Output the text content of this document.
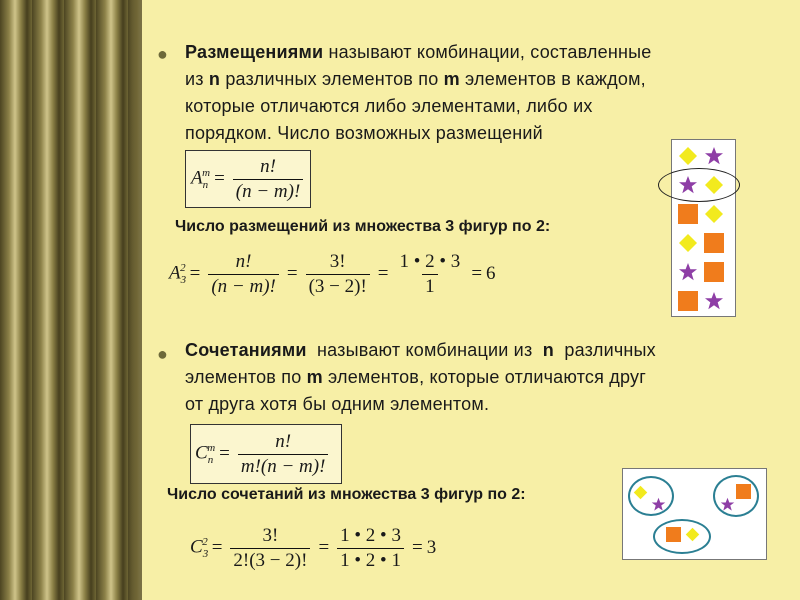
● Размещениями называют комбинации, составленные
из n различных элементов по m элементов в каждом,
которые отличаются либо элементами, либо их
порядком. Число возможных размещений
$A_n^m = \frac{n!}{(n - m)!}$
Число размещений из множества 3 фигур по 2:
$A_3^2 = \frac{n!}{(n - m)!} = \frac{3!}{(3 - 2)!} = \frac{1 • 2 • 3}{1} = 6$
● Сочетаниями  называют комбинации из  n  различных
элементов по m элементов, которые отличаются друг
от друга хотя бы одним элементом.
$C_n^m = \frac{n!}{m!(n - m)!}$
Число сочетаний из множества 3 фигур по 2:
$C_3^2 = \frac{3!}{2!(3 - 2)!} = \frac{1 • 2 • 3}{1 • 2 • 1} = 3$
